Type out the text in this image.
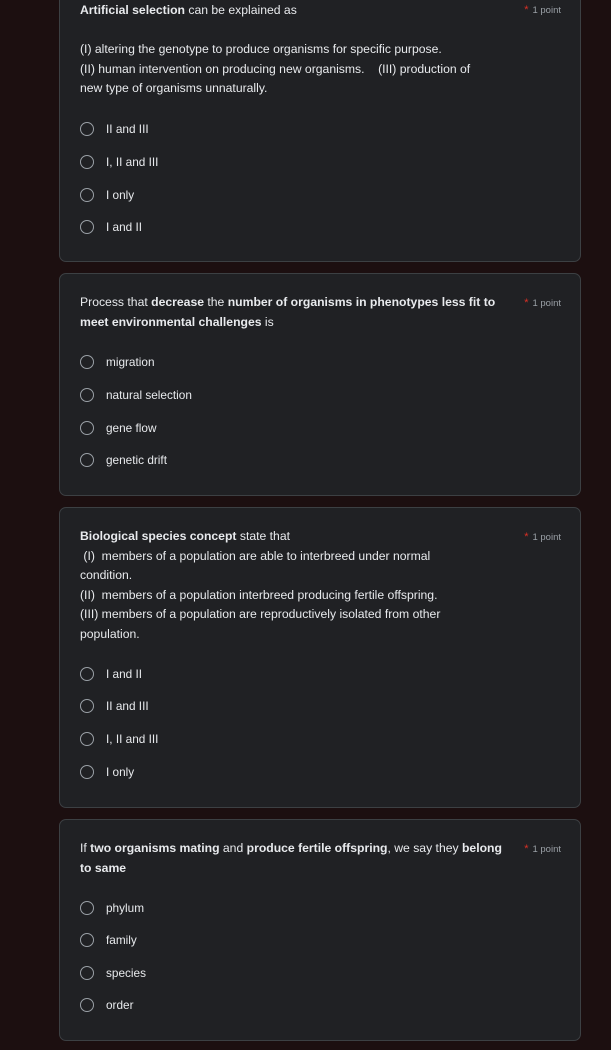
Artificial selection can be explained as
(I) altering the genotype to produce organisms for specific purpose.
(II) human intervention on producing new organisms.    (III) production of
new type of organisms unnaturally.
* 1 point
II and III
I, II and III
I only
I and II
Process that decrease the number of organisms in phenotypes less fit to
meet environmental challenges is
* 1 point
migration
natural selection
gene flow
genetic drift
Biological species concept state that
(I)  members of a population are able to interbreed under normal
condition.
(II)  members of a population interbreed producing fertile offspring.
(III) members of a population are reproductively isolated from other
population.
* 1 point
I and II
II and III
I, II and III
I only
If two organisms mating and produce fertile offspring, we say they belong
to same
* 1 point
phylum
family
species
order
